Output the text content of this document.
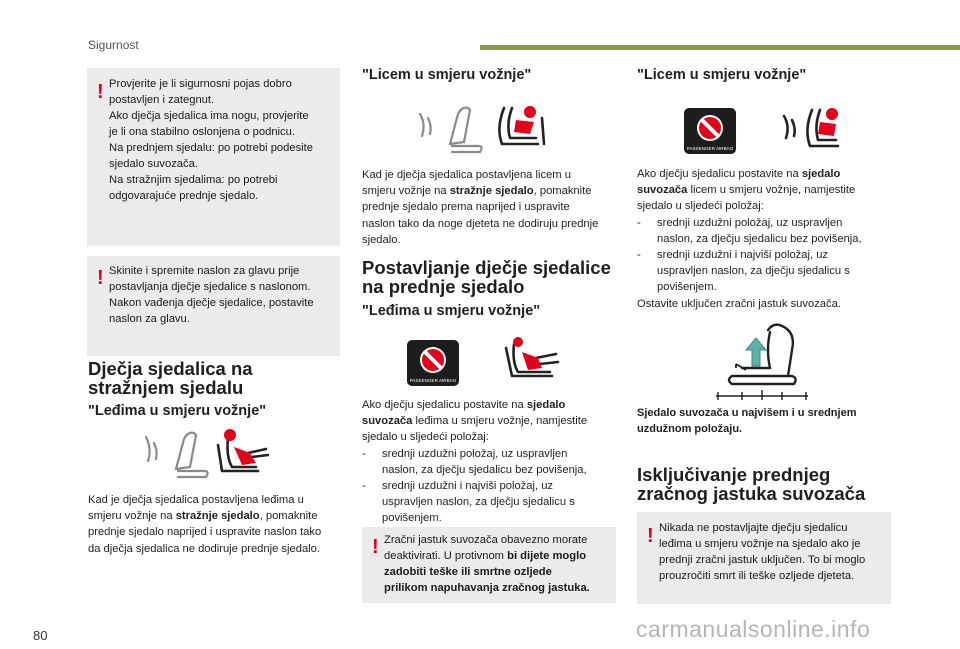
Sigurnost
! Provjerite je li sigurnosni pojas dobro

postavljen i zategnut.

Ako dječja sjedalica ima nogu, provjerite

je li ona stabilno oslonjena o podnicu.

Na prednjem sjedalu: po potrebi podesite

sjedalo suvozača.

Na stražnjim sjedalima: po potrebi

odgovarajuće prednje sjedalo.

! Skinite i spremite naslon za glavu prije

postavljanja dječje sjedalice s naslonom.

Nakon vađenja dječje sjedalice, postavite

naslon za glavu.

Dječja sjedalica na
stražnjem sjedalu
"Leđima u smjeru vožnje"
Kad je dječja sjedalica postavljena leđima u
smjeru vožnje na stražnje sjedalo, pomaknite
prednje sjedalo naprijed i uspravite naslon tako
da dječja sjedalica ne dodiruje prednje sjedalo.
"Licem u smjeru vožnje"
Kad je dječja sjedalica postavljena licem u
smjeru vožnje na stražnje sjedalo, pomaknite
prednje sjedalo prema naprijed i uspravite
naslon tako da noge djeteta ne dodiruju prednje
sjedalo.
Postavljanje dječje sjedalice
na prednje sjedalo
"Leđima u smjeru vožnje"
PASSENGER AIRBAG
Ako dječju sjedalicu postavite na sjedalo
suvozača leđima u smjeru vožnje, namjestite
sjedalo u sljedeći položaj:
- srednji uzdužni položaj, uz uspravljen
naslon, za dječju sjedalicu bez povišenja,
- srednji uzdužni i najviši položaj, uz
uspravljen naslon, za dječju sjedalicu s
povišenjem.
! Zračni jastuk suvozača obavezno morate

deaktivirati. U protivnom bi dijete moglo

zadobiti teške ili smrtne ozljede

prilikom napuhavanja zračnog jastuka.

"Licem u smjeru vožnje"
PASSENGER AIRBAG
Ako dječju sjedalicu postavite na sjedalo
suvozača licem u smjeru vožnje, namjestite
sjedalo u sljedeći položaj:
- srednji uzdužni položaj, uz uspravljen
naslon, za dječju sjedalicu bez povišenja,
- srednji uzdužni i najviši položaj, uz
uspravljen naslon, za dječju sjedalicu s
povišenjem.
Ostavite uključen zračni jastuk suvozača.
Sjedalo suvozača u najvišem i u srednjem
uzdužnom položaju.
Isključivanje prednjeg
zračnog jastuka suvozača
! Nikada ne postavljajte dječju sjedalicu

leđima u smjeru vožnje na sjedalo ako je

prednji zračni jastuk uključen. To bi moglo

prouzročiti smrt ili teške ozljede djeteta.

80	carmanualsonline.info
